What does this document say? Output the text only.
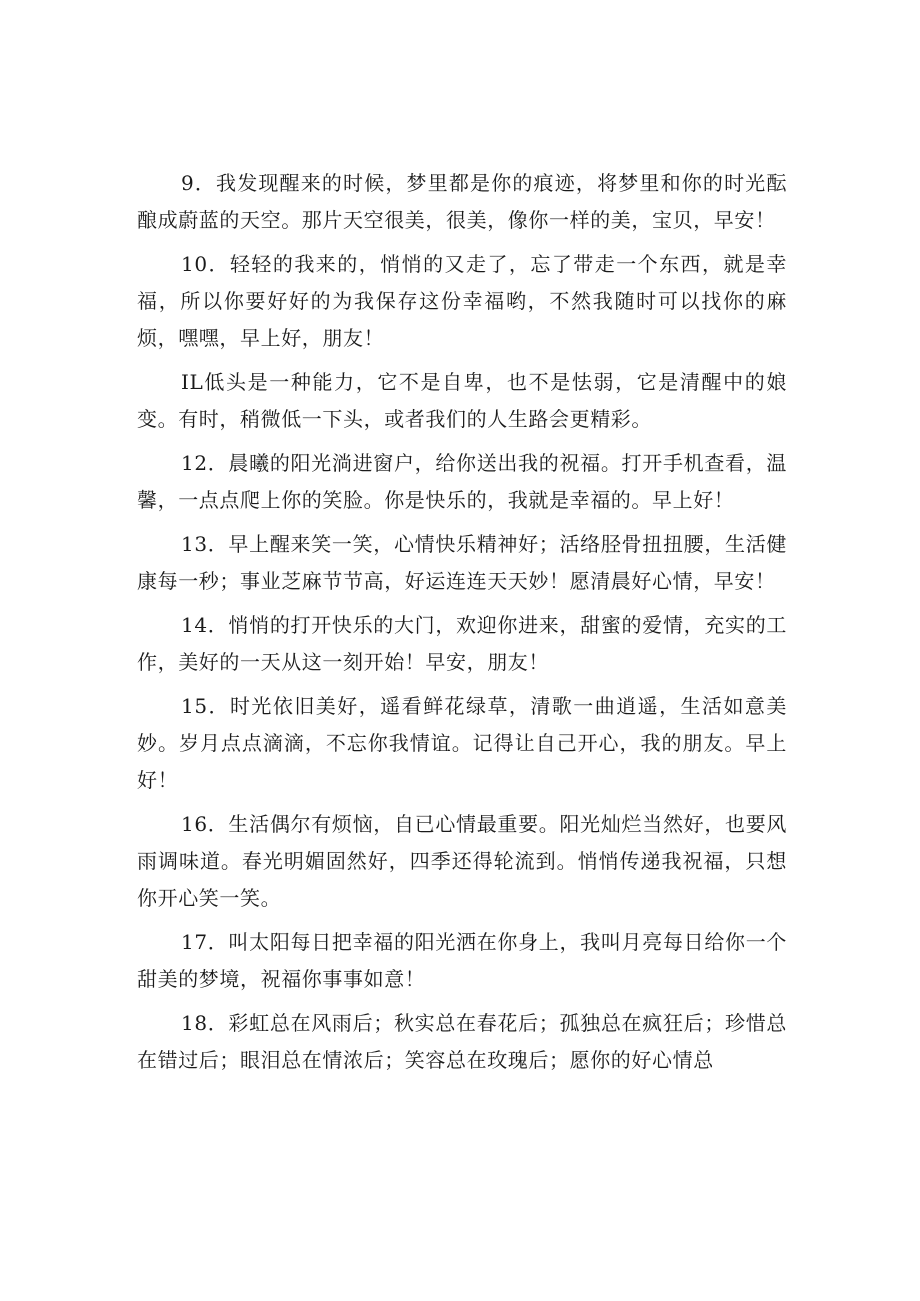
9．我发现醒来的时候，梦里都是你的痕迹，将梦里和你的时光酝酿成蔚蓝的天空。那片天空很美，很美，像你一样的美，宝贝，早安！

10．轻轻的我来的，悄悄的又走了，忘了带走一个东西，就是幸福，所以你要好好的为我保存这份幸福哟，不然我随时可以找你的麻烦，嘿嘿，早上好，朋友！

IL低头是一种能力，它不是自卑，也不是怯弱，它是清醒中的娘变。有时，稍微低一下头，或者我们的人生路会更精彩。

12．晨曦的阳光淌进窗户，给你送出我的祝福。打开手机查看，温馨，一点点爬上你的笑脸。你是快乐的，我就是幸福的。早上好！

13．早上醒来笑一笑，心情快乐精神好；活络胫骨扭扭腰，生活健康每一秒；事业芝麻节节高，好运连连天天妙！愿清晨好心情，早安！

14．悄悄的打开快乐的大门，欢迎你进来，甜蜜的爱情，充实的工作，美好的一天从这一刻开始！早安，朋友！

15．时光依旧美好，遥看鲜花绿草，清歌一曲逍遥，生活如意美妙。岁月点点滴滴，不忘你我情谊。记得让自己开心，我的朋友。早上好！

16．生活偶尔有烦恼，自已心情最重要。阳光灿烂当然好，也要风雨调味道。春光明媚固然好，四季还得轮流到。悄悄传递我祝福，只想你开心笑一笑。

17．叫太阳每日把幸福的阳光洒在你身上，我叫月亮每日给你一个甜美的梦境，祝福你事事如意！

18．彩虹总在风雨后；秋实总在春花后；孤独总在疯狂后；珍惜总在错过后；眼泪总在情浓后；笑容总在玫瑰后；愿你的好心情总
